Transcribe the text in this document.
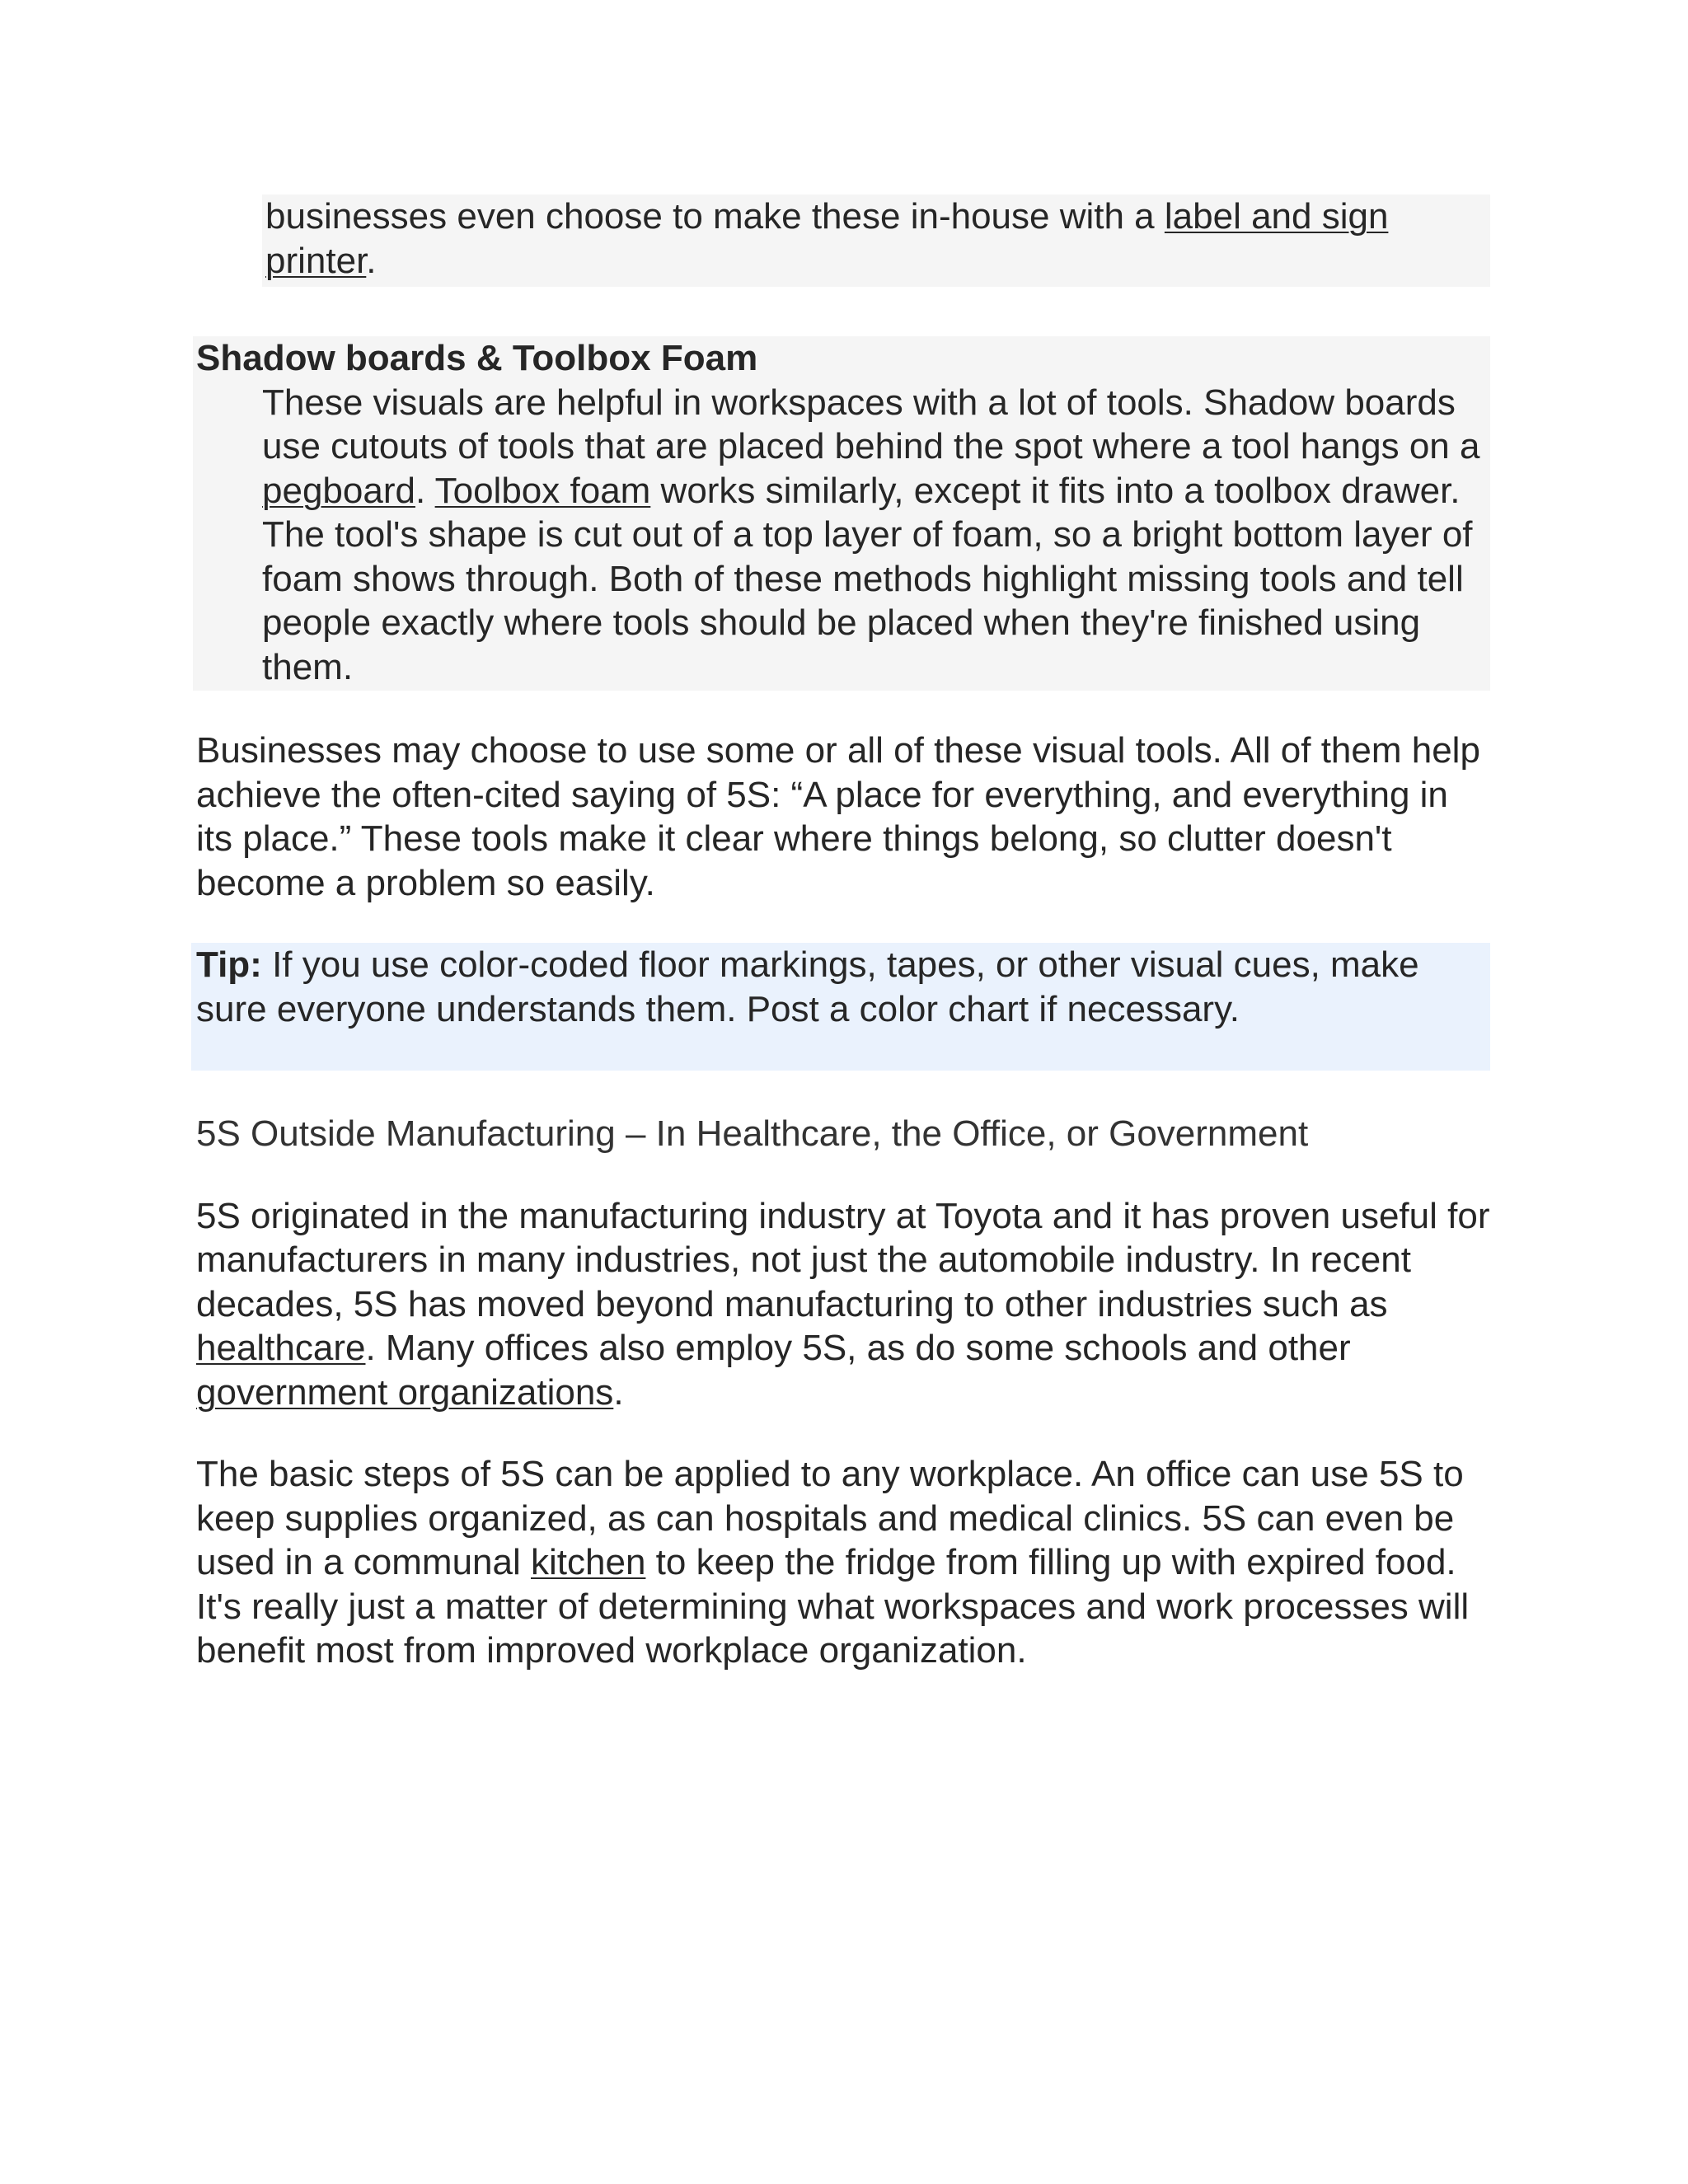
businesses even choose to make these in-house with a label and sign printer.

Shadow boards & Toolbox Foam

These visuals are helpful in workspaces with a lot of tools. Shadow boards use cutouts of tools that are placed behind the spot where a tool hangs on a pegboard. Toolbox foam works similarly, except it fits into a toolbox drawer. The tool's shape is cut out of a top layer of foam, so a bright bottom layer of foam shows through. Both of these methods highlight missing tools and tell people exactly where tools should be placed when they're finished using them.

Businesses may choose to use some or all of these visual tools. All of them help achieve the often-cited saying of 5S: “A place for everything, and everything in its place.” These tools make it clear where things belong, so clutter doesn't become a problem so easily.

Tip: If you use color-coded floor markings, tapes, or other visual cues, make sure everyone understands them. Post a color chart if necessary.

5S Outside Manufacturing – In Healthcare, the Office, or Government

5S originated in the manufacturing industry at Toyota and it has proven useful for manufacturers in many industries, not just the automobile industry. In recent decades, 5S has moved beyond manufacturing to other industries such as healthcare. Many offices also employ 5S, as do some schools and other government organizations.

The basic steps of 5S can be applied to any workplace. An office can use 5S to keep supplies organized, as can hospitals and medical clinics. 5S can even be used in a communal kitchen to keep the fridge from filling up with expired food. It's really just a matter of determining what workspaces and work processes will benefit most from improved workplace organization.
